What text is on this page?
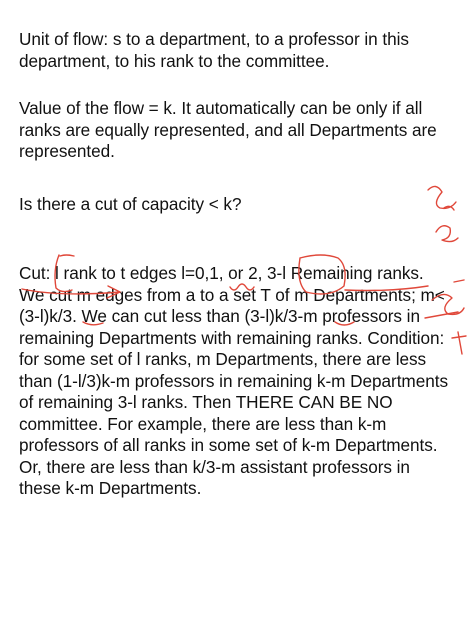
Unit of flow: s to a department, to a professor in this department, to his rank to the committee.

Value of the flow = k. It automatically can be only if all ranks are equally represented, and all Departments are represented.

Is there a cut of capacity < k?

Cut: l rank to t edges l=0,1, or 2, 3-l Remaining ranks.
We cut m edges from a to a set T of m Departments; m< (3-l)k/3. We can cut less than (3-l)k/3-m professors in remaining Departments with remaining ranks. Condition: for some set of l ranks, m Departments, there are less than (1-l/3)k-m professors in remaining k-m Departments of remaining 3-l ranks. Then THERE CAN BE NO committee. For example, there are less than k-m professors of all ranks in some set of k-m Departments. Or, there are less than k/3-m assistant professors in these k-m Departments.
